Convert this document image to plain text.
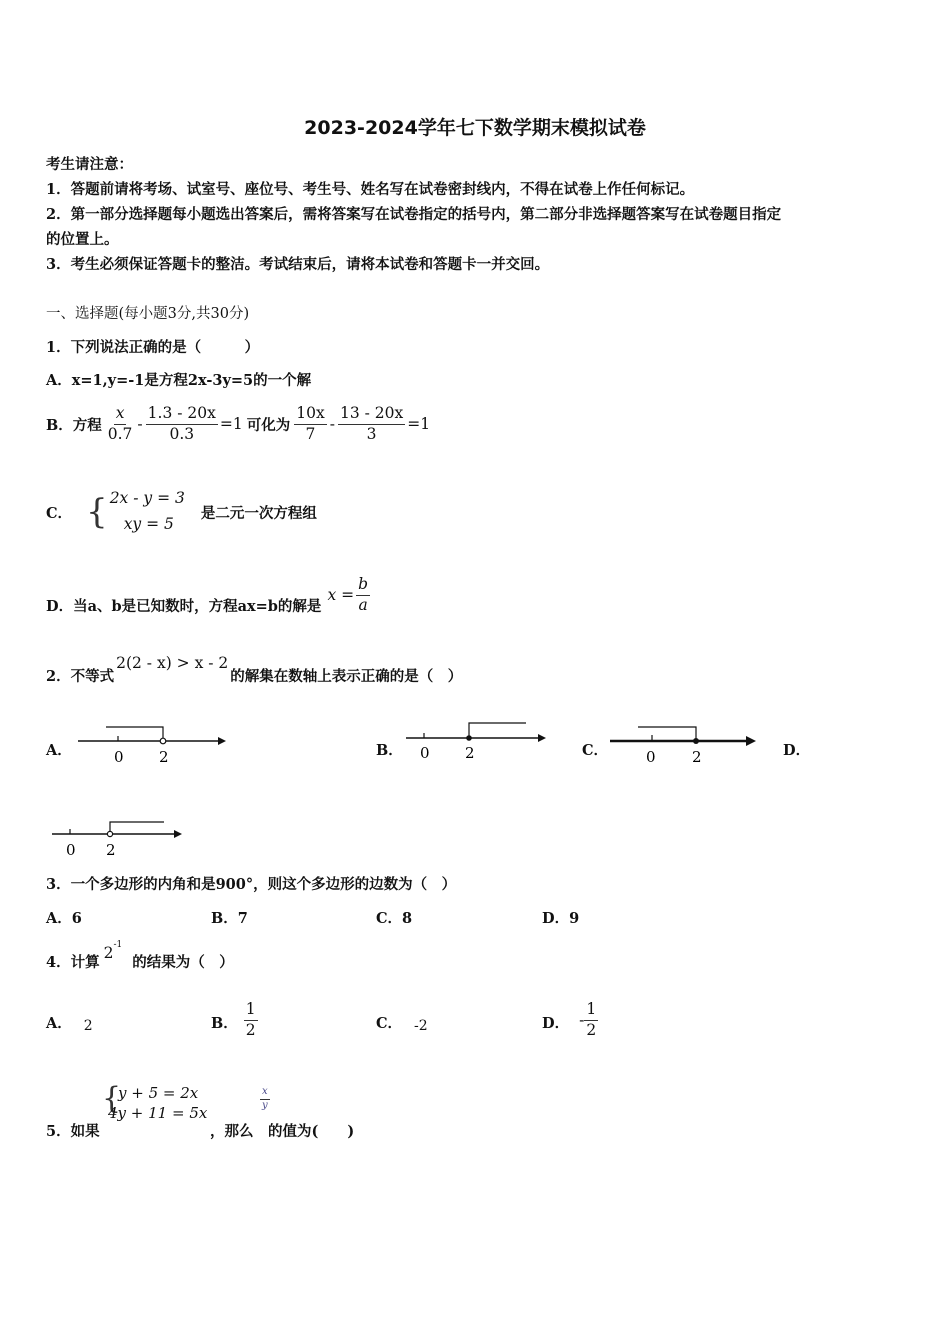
2023-2024学年七下数学期末模拟试卷
考生请注意：
1．答题前请将考场、试室号、座位号、考生号、姓名写在试卷密封线内，不得在试卷上作任何标记。
2．第一部分选择题每小题选出答案后，需将答案写在试卷指定的括号内，第二部分非选择题答案写在试卷题目指定
的位置上。
3．考生必须保证答题卡的整洁。考试结束后，请将本试卷和答题卡一并交回。
一、选择题(每小题3分,共30分)
1．下列说法正确的是（　　　）
A．x=1,y=-1是方程2x-3y=5的一个解
B．方程 $\frac{x}{0.7} - \frac{1.3 - 20x}{0.3} =1$ 可化为 $\frac{10x}{7} - \frac{13 - 20x}{3} =1$
C． { 2x - y = 3
xy = 5
是二元一次方程组
D．当a、b是已知数时，方程ax=b的解是
$x = \frac{b}{a}$
2．不等式
2(2 - x) > x - 2
的解集在数轴上表示正确的是（　）
A．	0 2	B． 0 2	C．	0 2	D．
0 2
3．一个多边形的内角和是900°，则这个多边形的边数为（　）
A．6	B．7	C．8	D．9
4．计算
2 -1
的结果为（　）
A． 2	B． $\frac{1}{2}$	C． -2	D． - $\frac{1}{2}$
5．如果
{
y + 5 = 2x
4y + 11 = 5x
，那么
$\frac{x}{y}$
的值为(　　)
